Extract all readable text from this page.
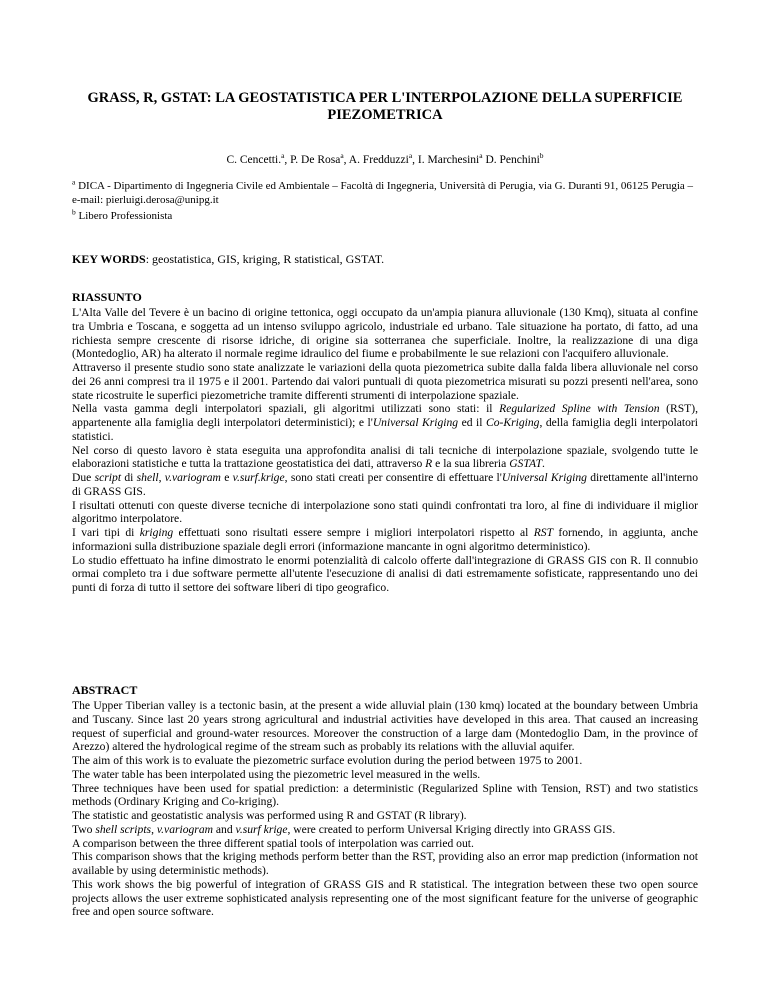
GRASS, R, GSTAT: LA GEOSTATISTICA PER L'INTERPOLAZIONE DELLA SUPERFICIE PIEZOMETRICA
C. Cencetti.$^a$, P. De Rosa$^a$, A. Fredduzzi$^a$, I. Marchesini$^a$ D. Penchini$^b$
$^a$ DICA - Dipartimento di Ingegneria Civile ed Ambientale – Facoltà di Ingegneria, Università di Perugia, via G. Duranti 91, 06125 Perugia – e-mail: pierluigi.derosa@unipg.it
$^b$ Libero Professionista
KEY WORDS: geostatistica, GIS, kriging, R statistical, GSTAT.
RIASSUNTO

L'Alta Valle del Tevere è un bacino di origine tettonica, oggi occupato da un'ampia pianura alluvionale (130 Kmq), situata al confine tra Umbria e Toscana, e soggetta ad un intenso sviluppo agricolo, industriale ed urbano. Tale situazione ha portato, di fatto, ad una richiesta sempre crescente di risorse idriche, di origine sia sotterranea che superficiale. Inoltre, la realizzazione di una diga (Montedoglio, AR) ha alterato il normale regime idraulico del fiume e probabilmente le sue relazioni con l'acquifero alluvionale.

Attraverso il presente studio sono state analizzate le variazioni della quota piezometrica subite dalla falda libera alluvionale nel corso dei 26 anni compresi tra il 1975 e il 2001. Partendo dai valori puntuali di quota piezometrica misurati su pozzi presenti nell'area, sono state ricostruite le superfici piezometriche tramite differenti strumenti di interpolazione spaziale.

Nella vasta gamma degli interpolatori spaziali, gli algoritmi utilizzati sono stati: il Regularized Spline with Tension (RST), appartenente alla famiglia degli interpolatori deterministici); e l'Universal Kriging ed il Co-Kriging, della famiglia degli interpolatori statistici.

Nel corso di questo lavoro è stata eseguita una approfondita analisi di tali tecniche di interpolazione spaziale, svolgendo tutte le elaborazioni statistiche e tutta la trattazione geostatistica dei dati, attraverso R e la sua libreria GSTAT.

Due script di shell, v.variogram e v.surf.krige, sono stati creati per consentire di effettuare l'Universal Kriging direttamente all'interno di GRASS GIS.

I risultati ottenuti con queste diverse tecniche di interpolazione sono stati quindi confrontati tra loro, al fine di individuare il miglior algoritmo interpolatore.

I vari tipi di kriging effettuati sono risultati essere sempre i migliori interpolatori rispetto al RST fornendo, in aggiunta, anche informazioni sulla distribuzione spaziale degli errori (informazione mancante in ogni algoritmo deterministico).

Lo studio effettuato ha infine dimostrato le enormi potenzialità di calcolo offerte dall'integrazione di GRASS GIS con R. Il connubio ormai completo tra i due software permette all'utente l'esecuzione di analisi di dati estremamente sofisticate, rappresentando uno dei punti di forza di tutto il settore dei software liberi di tipo geografico.

ABSTRACT

The Upper Tiberian valley is a tectonic basin, at the present a wide alluvial plain (130 kmq) located at the boundary between Umbria and Tuscany. Since last 20 years strong agricultural and industrial activities have developed in this area. That caused an increasing request of superficial and ground-water resources. Moreover the construction of a large dam (Montedoglio Dam, in the province of Arezzo) altered the hydrological regime of the stream such as probably its relations with the alluvial aquifer.

The aim of this work is to evaluate the piezometric surface evolution during the period between 1975 to 2001.

The water table has been interpolated using the piezometric level measured in the wells.

Three techniques have been used for spatial prediction: a deterministic (Regularized Spline with Tension, RST) and two statistics methods (Ordinary Kriging and Co-kriging).

The statistic and geostatistic analysis was performed using R and GSTAT (R library).

Two shell scripts, v.variogram and v.surf krige, were created to perform Universal Kriging directly into GRASS GIS.

A comparison between the three different spatial tools of interpolation was carried out.

This comparison shows that the kriging methods perform better than the RST, providing also an error map prediction (information not available by using deterministic methods).

This work shows the big powerful of integration of GRASS GIS and R statistical. The integration between these two open source projects allows the user extreme sophisticated analysis representing one of the most significant feature for the universe of geographic free and open source software.
